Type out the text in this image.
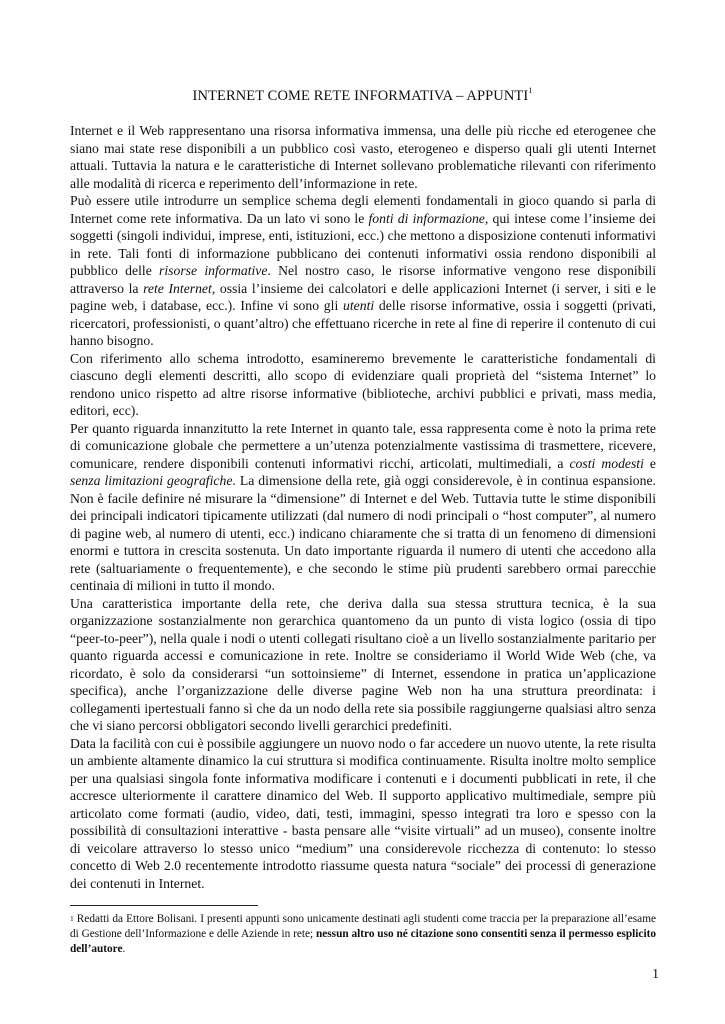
INTERNET COME RETE INFORMATIVA – APPUNTI$^1$

Internet e il Web rappresentano una risorsa informativa immensa, una delle più ricche ed eterogenee che siano mai state rese disponibili a un pubblico così vasto, eterogeneo e disperso quali gli utenti Internet attuali. Tuttavia la natura e le caratteristiche di Internet sollevano problematiche rilevanti con riferimento alle modalità di ricerca e reperimento dell’informazione in rete.

Può essere utile introdurre un semplice schema degli elementi fondamentali in gioco quando si parla di Internet come rete informativa. Da un lato vi sono le fonti di informazione, qui intese come l’insieme dei soggetti (singoli individui, imprese, enti, istituzioni, ecc.) che mettono a disposizione contenuti informativi in rete. Tali fonti di informazione pubblicano dei contenuti informativi ossia rendono disponibili al pubblico delle risorse informative. Nel nostro caso, le risorse informative vengono rese disponibili attraverso la rete Internet, ossia l’insieme dei calcolatori e delle applicazioni Internet (i server, i siti e le pagine web, i database, ecc.). Infine vi sono gli utenti delle risorse informative, ossia i soggetti (privati, ricercatori, professionisti, o quant’altro) che effettuano ricerche in rete al fine di reperire il contenuto di cui hanno bisogno.

Con riferimento allo schema introdotto, esamineremo brevemente le caratteristiche fondamentali di ciascuno degli elementi descritti, allo scopo di evidenziare quali proprietà del “sistema Internet” lo rendono unico rispetto ad altre risorse informative (biblioteche, archivi pubblici e privati, mass media, editori, ecc).

Per quanto riguarda innanzitutto la rete Internet in quanto tale, essa rappresenta come è noto la prima rete di comunicazione globale che permettere a un’utenza potenzialmente vastissima di trasmettere, ricevere, comunicare, rendere disponibili contenuti informativi ricchi, articolati, multimediali, a costi modesti e senza limitazioni geografiche. La dimensione della rete, già oggi considerevole, è in continua espansione. Non è facile definire né misurare la “dimensione” di Internet e del Web. Tuttavia tutte le stime disponibili dei principali indicatori tipicamente utilizzati (dal numero di nodi principali o “host computer”, al numero di pagine web, al numero di utenti, ecc.) indicano chiaramente che si tratta di un fenomeno di dimensioni enormi e tuttora in crescita sostenuta. Un dato importante riguarda il numero di utenti che accedono alla rete (saltuariamente o frequentemente), e che secondo le stime più prudenti sarebbero ormai parecchie centinaia di milioni in tutto il mondo.

Una caratteristica importante della rete, che deriva dalla sua stessa struttura tecnica, è la sua organizzazione sostanzialmente non gerarchica quantomeno da un punto di vista logico (ossia di tipo “peer-to-peer”), nella quale i nodi o utenti collegati risultano cioè a un livello sostanzialmente paritario per quanto riguarda accessi e comunicazione in rete. Inoltre se consideriamo il World Wide Web (che, va ricordato, è solo da considerarsi “un sottoinsieme” di Internet, essendone in pratica un’applicazione specifica), anche l’organizzazione delle diverse pagine Web non ha una struttura preordinata: i collegamenti ipertestuali fanno sì che da un nodo della rete sia possibile raggiungerne qualsiasi altro senza che vi siano percorsi obbligatori secondo livelli gerarchici predefiniti.

Data la facilità con cui è possibile aggiungere un nuovo nodo o far accedere un nuovo utente, la rete risulta un ambiente altamente dinamico la cui struttura si modifica continuamente. Risulta inoltre molto semplice per una qualsiasi singola fonte informativa modificare i contenuti e i documenti pubblicati in rete, il che accresce ulteriormente il carattere dinamico del Web. Il supporto applicativo multimediale, sempre più articolato come formati (audio, video, dati, testi, immagini, spesso integrati tra loro e spesso con la possibilità di consultazioni interattive - basta pensare alle “visite virtuali” ad un museo), consente inoltre di veicolare attraverso lo stesso unico “medium” una considerevole ricchezza di contenuto: lo stesso concetto di Web 2.0 recentemente introdotto riassume questa natura “sociale” dei processi di generazione dei contenuti in Internet.

$^1$ Redatti da Ettore Bolisani. I presenti appunti sono unicamente destinati agli studenti come traccia per la preparazione all’esame di Gestione dell’Informazione e delle Aziende in rete; nessun altro uso né citazione sono consentiti senza il permesso esplicito dell’autore.

1
